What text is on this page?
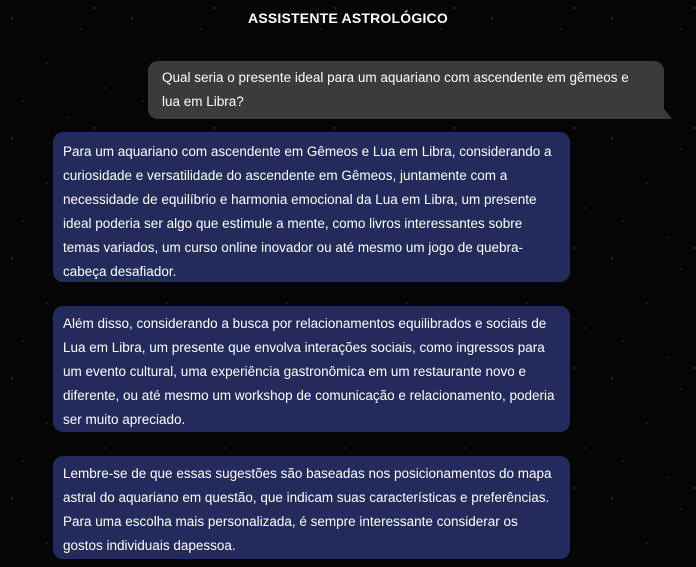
ASSISTENTE ASTROLÓGICO
Qual seria o presente ideal para um aquariano com ascendente em gêmeos e lua em Libra?
Para um aquariano com ascendente em Gêmeos e Lua em Libra, considerando a curiosidade e versatilidade do ascendente em Gêmeos, juntamente com a necessidade de equilíbrio e harmonia emocional da Lua em Libra, um presente ideal poderia ser algo que estimule a mente, como livros interessantes sobre temas variados, um curso online inovador ou até mesmo um jogo de quebra-cabeça desafiador.
Além disso, considerando a busca por relacionamentos equilibrados e sociais de Lua em Libra, um presente que envolva interações sociais, como ingressos para um evento cultural, uma experiência gastronômica em um restaurante novo e diferente, ou até mesmo um workshop de comunicação e relacionamento, poderia ser muito apreciado.
Lembre-se de que essas sugestões são baseadas nos posicionamentos do mapa astral do aquariano em questão, que indicam suas características e preferências. Para uma escolha mais personalizada, é sempre interessante considerar os gostos individuais dapessoa.
